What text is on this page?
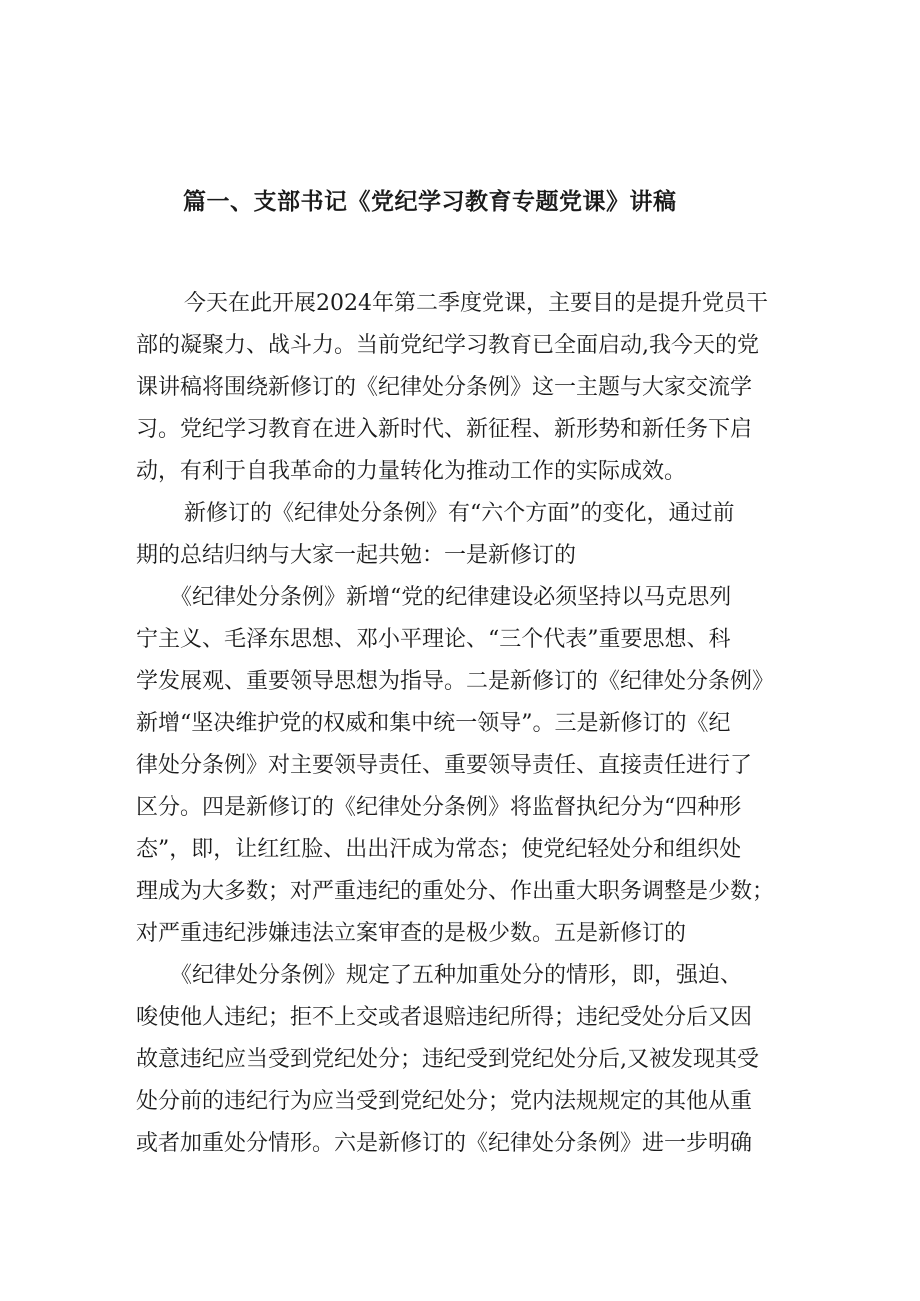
篇一、支部书记《党纪学习教育专题党课》讲稿
今天在此开展2024年第二季度党课，主要目的是提升党员干
部的凝聚力、战斗力。当前党纪学习教育已全面启动,我今天的党
课讲稿将围绕新修订的《纪律处分条例》这一主题与大家交流学
习。党纪学习教育在进入新时代、新征程、新形势和新任务下启
动，有利于自我革命的力量转化为推动工作的实际成效。
新修订的《纪律处分条例》有“六个方面”的变化，通过前
期的总结归纳与大家一起共勉：一是新修订的
《纪律处分条例》新增“党的纪律建设必须坚持以马克思列
宁主义、毛泽东思想、邓小平理论、“三个代表”重要思想、科
学发展观、重要领导思想为指导。二是新修订的《纪律处分条例》
新增“坚决维护党的权威和集中统一领导”。三是新修订的《纪
律处分条例》对主要领导责任、重要领导责任、直接责任进行了
区分。四是新修订的《纪律处分条例》将监督执纪分为“四种形
态”，即，让红红脸、出出汗成为常态；使党纪轻处分和组织处
理成为大多数；对严重违纪的重处分、作出重大职务调整是少数；
对严重违纪涉嫌违法立案审查的是极少数。五是新修订的
《纪律处分条例》规定了五种加重处分的情形，即，强迫、
唆使他人违纪；拒不上交或者退赔违纪所得；违纪受处分后又因
故意违纪应当受到党纪处分；违纪受到党纪处分后,又被发现其受
处分前的违纪行为应当受到党纪处分；党内法规规定的其他从重
或者加重处分情形。六是新修订的《纪律处分条例》进一步明确
